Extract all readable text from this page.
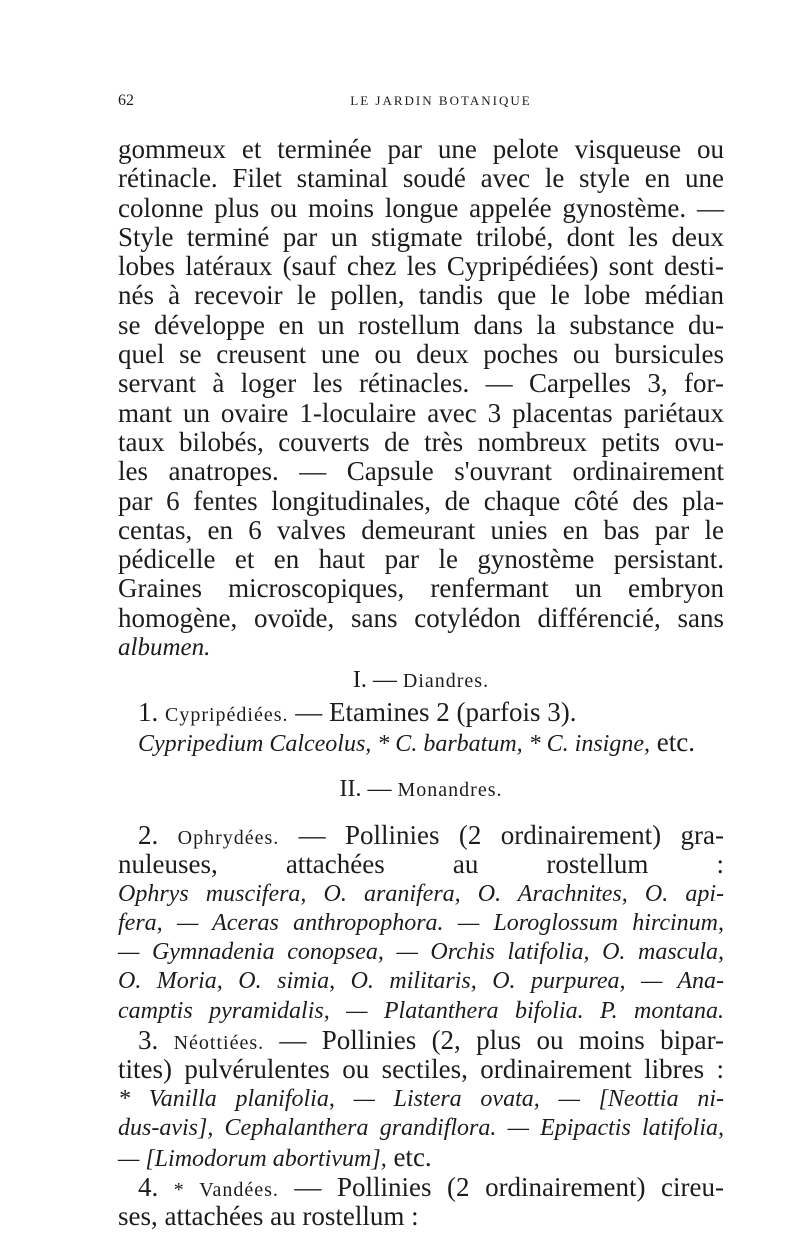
62	LE JARDIN BOTANIQUE
gommeux et terminée par une pelote visqueuse ou
rétinacle. Filet staminal soudé avec le style en une
colonne plus ou moins longue appelée gynostème. —
Style terminé par un stigmate trilobé, dont les deux
lobes latéraux (sauf chez les Cypripédiées) sont desti-
nés à recevoir le pollen, tandis que le lobe médian
se développe en un rostellum dans la substance du-
quel se creusent une ou deux poches ou bursicules
servant à loger les rétinacles. — Carpelles 3, for-
mant un ovaire 1-loculaire avec 3 placentas pariétaux
taux bilobés, couverts de très nombreux petits ovu-
les anatropes. — Capsule s'ouvrant ordinairement
par 6 fentes longitudinales, de chaque côté des pla-
centas, en 6 valves demeurant unies en bas par le
pédicelle et en haut par le gynostème persistant.
Graines microscopiques, renfermant un embryon
homogène, ovoïde, sans cotylédon différencié, sans
albumen.
I. — Diandres.
1. Cypripédiées. — Etamines 2 (parfois 3).
Cypripedium Calceolus, * C. barbatum, * C. insigne, etc.
II. — Monandres.
2. Ophrydées. — Pollinies (2 ordinairement) gra-
nuleuses, attachées au rostellum :
Ophrys muscifera, O. aranifera, O. Arachnites, O. api-
fera, — Aceras anthropophora. — Loroglossum hircinum,
— Gymnadenia conopsea, — Orchis latifolia, O. mascula,
O. Moria, O. simia, O. militaris, O. purpurea, — Ana-
camptis pyramidalis, — Platanthera bifolia. P. montana.
3. Néottiées. — Pollinies (2, plus ou moins bipar-
tites) pulvérulentes ou sectiles, ordinairement libres :
* Vanilla planifolia, — Listera ovata, — [Neottia ni-
dus-avis], Cephalanthera grandiflora. — Epipactis latifolia,
— [Limodorum abortivum], etc.
4. * Vandées. — Pollinies (2 ordinairement) cireu-
ses, attachées au rostellum :
